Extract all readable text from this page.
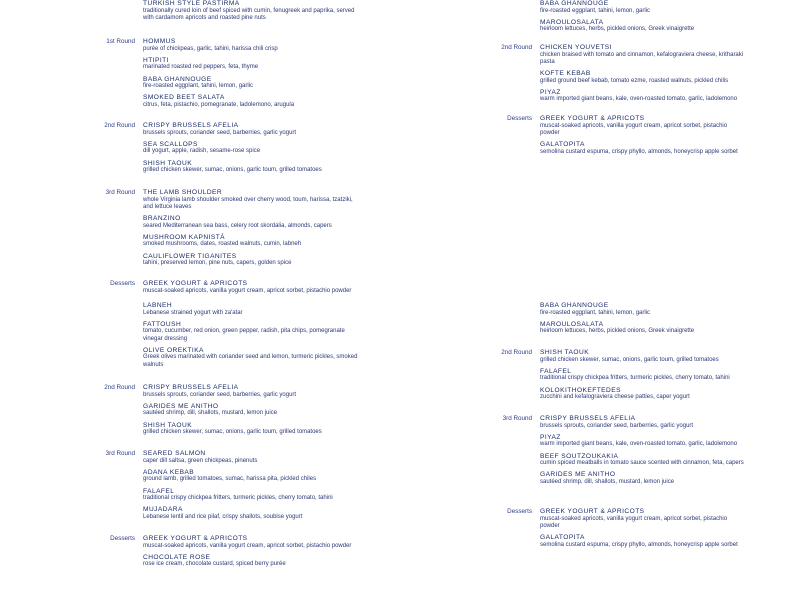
TURKISH STYLE PASTIRMA
traditionally cured loin of beef spiced with cumin, fenugreek and paprika, served with cardamom apricots and roasted pine nuts
1st Round HOMMUS
purée of chickpeas, garlic, tahini, harissa chili crisp
HTIPITI
marinated roasted red peppers, feta, thyme
BABA GHANNOUGE
fire-roasted eggplant, tahini, lemon, garlic
SMOKED BEET SALATA
citrus, feta, pistachio, pomegranate, ladolemono, arugula
2nd Round CRISPY BRUSSELS AFELIA
brussels sprouts, coriander seed, barberries, garlic yogurt
SEA SCALLOPS
dill yogurt, apple, radish, sesame-rose spice
SHISH TAOUK
grilled chicken skewer, sumac, onions, garlic toum, grilled tomatoes
3rd Round THE LAMB SHOULDER
whole Virginia lamb shoulder smoked over cherry wood, toum, harissa, tzatziki, and lettuce leaves
BRANZINO
seared Mediterranean sea bass, celery root skordalia, almonds, capers
MUSHROOM KAPNISTÁ
smoked mushrooms, dates, roasted walnuts, cumin, labneh
CAULIFLOWER TIGANITES
tahini, preserved lemon, pine nuts, capers, golden spice
Desserts GREEK YOGURT & APRICOTS
muscat-soaked apricots, vanilla yogurt cream, apricot sorbet, pistachio powder
LABNEH
Lebanese strained yogurt with za'atar
FATTOUSH
tomato, cucumber, red onion, green pepper, radish, pita chips, pomegranate vinegar dressing
OLIVE OREKTIKA
Greek olives marinated with coriander seed and lemon, turmeric pickles, smoked walnuts
2nd Round CRISPY BRUSSELS AFELIA
brussels sprouts, coriander seed, barberries, garlic yogurt
GARIDES ME ANITHO
sautéed shrimp, dill, shallots, mustard, lemon juice
SHISH TAOUK
grilled chicken skewer, sumac, onions, garlic toum, grilled tomatoes
3rd Round SEARED SALMON
caper dill saltsa, green chickpeas, pinenuts
ADANA KEBAB
ground lamb, grilled tomatoes, sumac, harissa pita, pickled chiles
FALAFEL
traditional crispy chickpea fritters, turmeric pickles, cherry tomato, tahini
MUJADARA
Lebanese lentil and rice pilaf, crispy shallots, soubise yogurt
Desserts GREEK YOGURT & APRICOTS
muscat-soaked apricots, vanilla yogurt cream, apricot sorbet, pistachio powder
CHOCOLATE ROSE
rose ice cream, chocolate custard, spiced berry purée
BABA GHANNOUGE
fire-roasted eggplant, tahini, lemon, garlic
MAROULOSALATA
heirloom lettuces, herbs, pickled onions, Greek vinaigrette
2nd Round CHICKEN YOUVETSI
chicken braised with tomato and cinnamon, kefalograviera cheese, kritharaki pasta
KOFTE KEBAB
grilled ground beef kebab, tomato ezme, roasted walnuts, pickled chilis
PIYAZ
warm imported giant beans, kale, oven-roasted tomato, garlic, ladolemono
Desserts GREEK YOGURT & APRICOTS
muscat-soaked apricots, vanilla yogurt cream, apricot sorbet, pistachio powder
GALATOPITA
semolina custard espuma, crispy phyllo, almonds, honeycrisp apple sorbet
BABA GHANNOUGE
fire-roasted eggplant, tahini, lemon, garlic
MAROULOSALATA
heirloom lettuces, herbs, pickled onions, Greek vinaigrette
2nd Round SHISH TAOUK
grilled chicken skewer, sumac, onions, garlic toum, grilled tomatoes
FALAFEL
traditional crispy chickpea fritters, turmeric pickles, cherry tomato, tahini
KOLOKITHOKEFTEDES
zucchini and kefalograviera cheese patties, caper yogurt
3rd Round CRISPY BRUSSELS AFELIA
brussels sprouts, coriander seed, barberries, garlic yogurt
PIYAZ
warm imported giant beans, kale, oven-roasted tomato, garlic, ladolemono
BEEF SOUTZOUKAKIA
cumin spiced meatballs in tomato sauce scented with cinnamon, feta, capers
GARIDES ME ANITHO
sautéed shrimp, dill, shallots, mustard, lemon juice
Desserts GREEK YOGURT & APRICOTS
muscat-soaked apricots, vanilla yogurt cream, apricot sorbet, pistachio powder
GALATOPITA
semolina custard espuma, crispy phyllo, almonds, honeycrisp apple sorbet
